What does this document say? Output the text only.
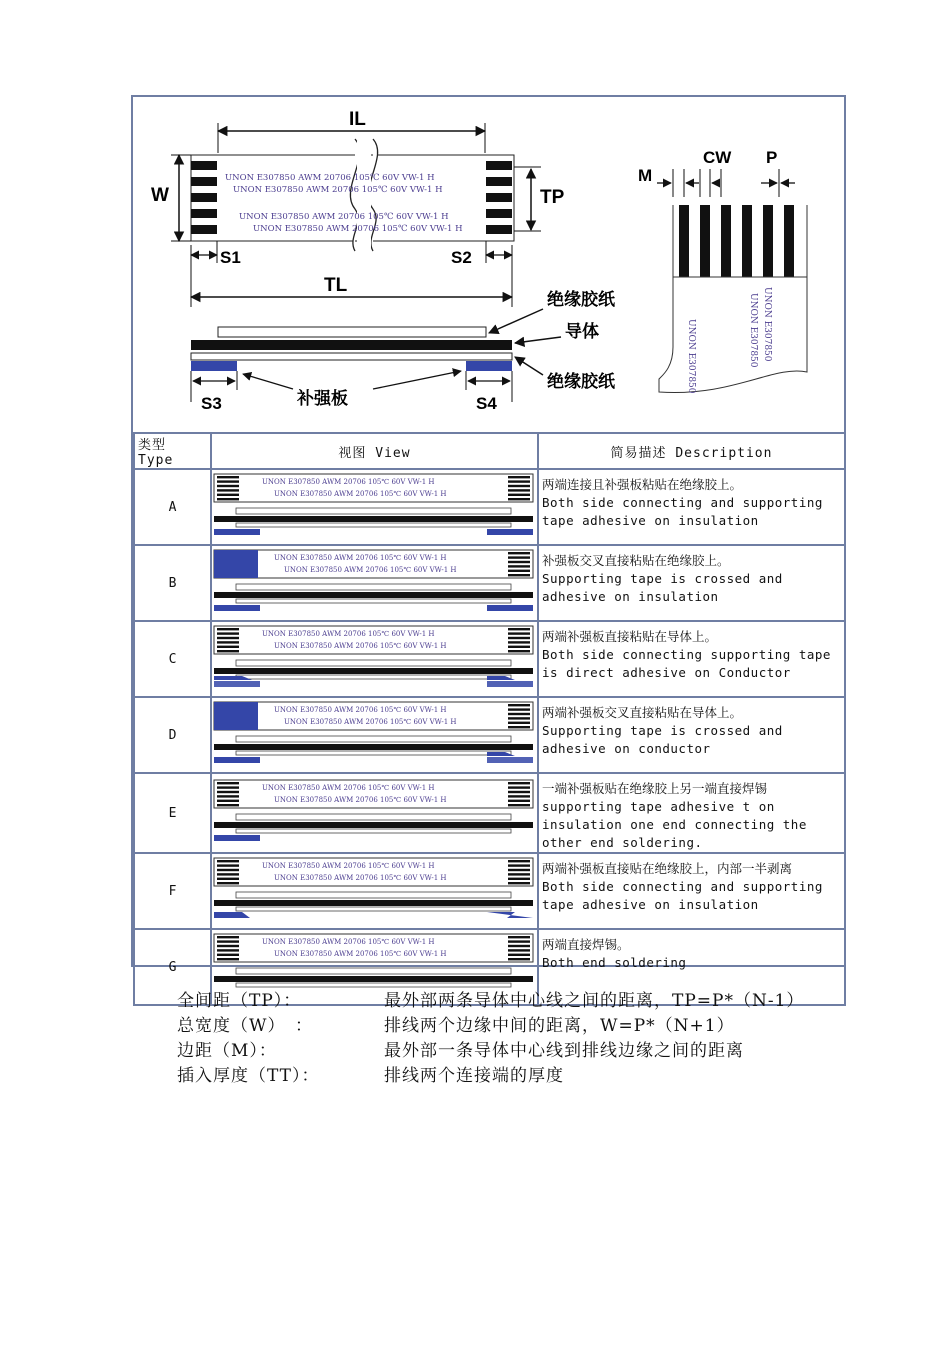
IL
UNON E307850 AWM 20706 105℃ 60V VW-1 H
UNON E307850 AWM 20706 105℃ 60V VW-1 H
UNON E307850 AWM 20706 105℃ 60V VW-1 H
UNON E307850 AWM 20706 105℃ 60V VW-1 H
W	TP
S1	S2
TL
S3	S4
补强板
绝缘胶纸
导体
绝缘胶纸	UNON E307850	UNON E307850 UNON E307850
M
CW P
类型 Type	视图 View	简易描述 Description
A	UNON E307850 AWM 20706 105℃ 60V VW-1 H
UNON E307850 AWM 20706 105℃ 60V VW-1 H	两端连接且补强板粘贴在绝缘胶上。
Both side connecting and supporting tape adhesive on insulation

B	UNON E307850 AWM 20706 105℃ 60V VW-1 H
UNON E307850 AWM 20706 105℃ 60V VW-1 H	补强板交叉直接粘贴在绝缘胶上。
Supporting tape is crossed and adhesive on insulation

C	UNON E307850 AWM 20706 105℃ 60V VW-1 H
UNON E307850 AWM 20706 105℃ 60V VW-1 H	两端补强板直接粘贴在导体上。
Both side connecting supporting tape is direct adhesive on Conductor

D	UNON E307850 AWM 20706 105℃ 60V VW-1 H
UNON E307850 AWM 20706 105℃ 60V VW-1 H	两端补强板交叉直接粘贴在导体上。
Supporting tape is crossed and adhesive on conductor

E	UNON E307850 AWM 20706 105℃ 60V VW-1 H
UNON E307850 AWM 20706 105℃ 60V VW-1 H	一端补强板贴在绝缘胶上另一端直接焊锡
supporting tape adhesive t on insulation one end connecting the other end soldering.

F	UNON E307850 AWM 20706 105℃ 60V VW-1 H
UNON E307850 AWM 20706 105℃ 60V VW-1 H	两端补强板直接贴在绝缘胶上，内部一半剥离
Both side connecting and supporting tape adhesive on insulation

G	UNON E307850 AWM 20706 105℃ 60V VW-1 H
UNON E307850 AWM 20706 105℃ 60V VW-1 H	两端直接焊锡。
Both end soldering
全间距（TP）：	最外部两条导体中心线之间的距离，TP=P*（N-1）
总宽度（W）　：	排线两个边缘中间的距离，W=P*（N+1）
边距（M）：	最外部一条导体中心线到排线边缘之间的距离
插入厚度（TT）：	排线两个连接端的厚度
